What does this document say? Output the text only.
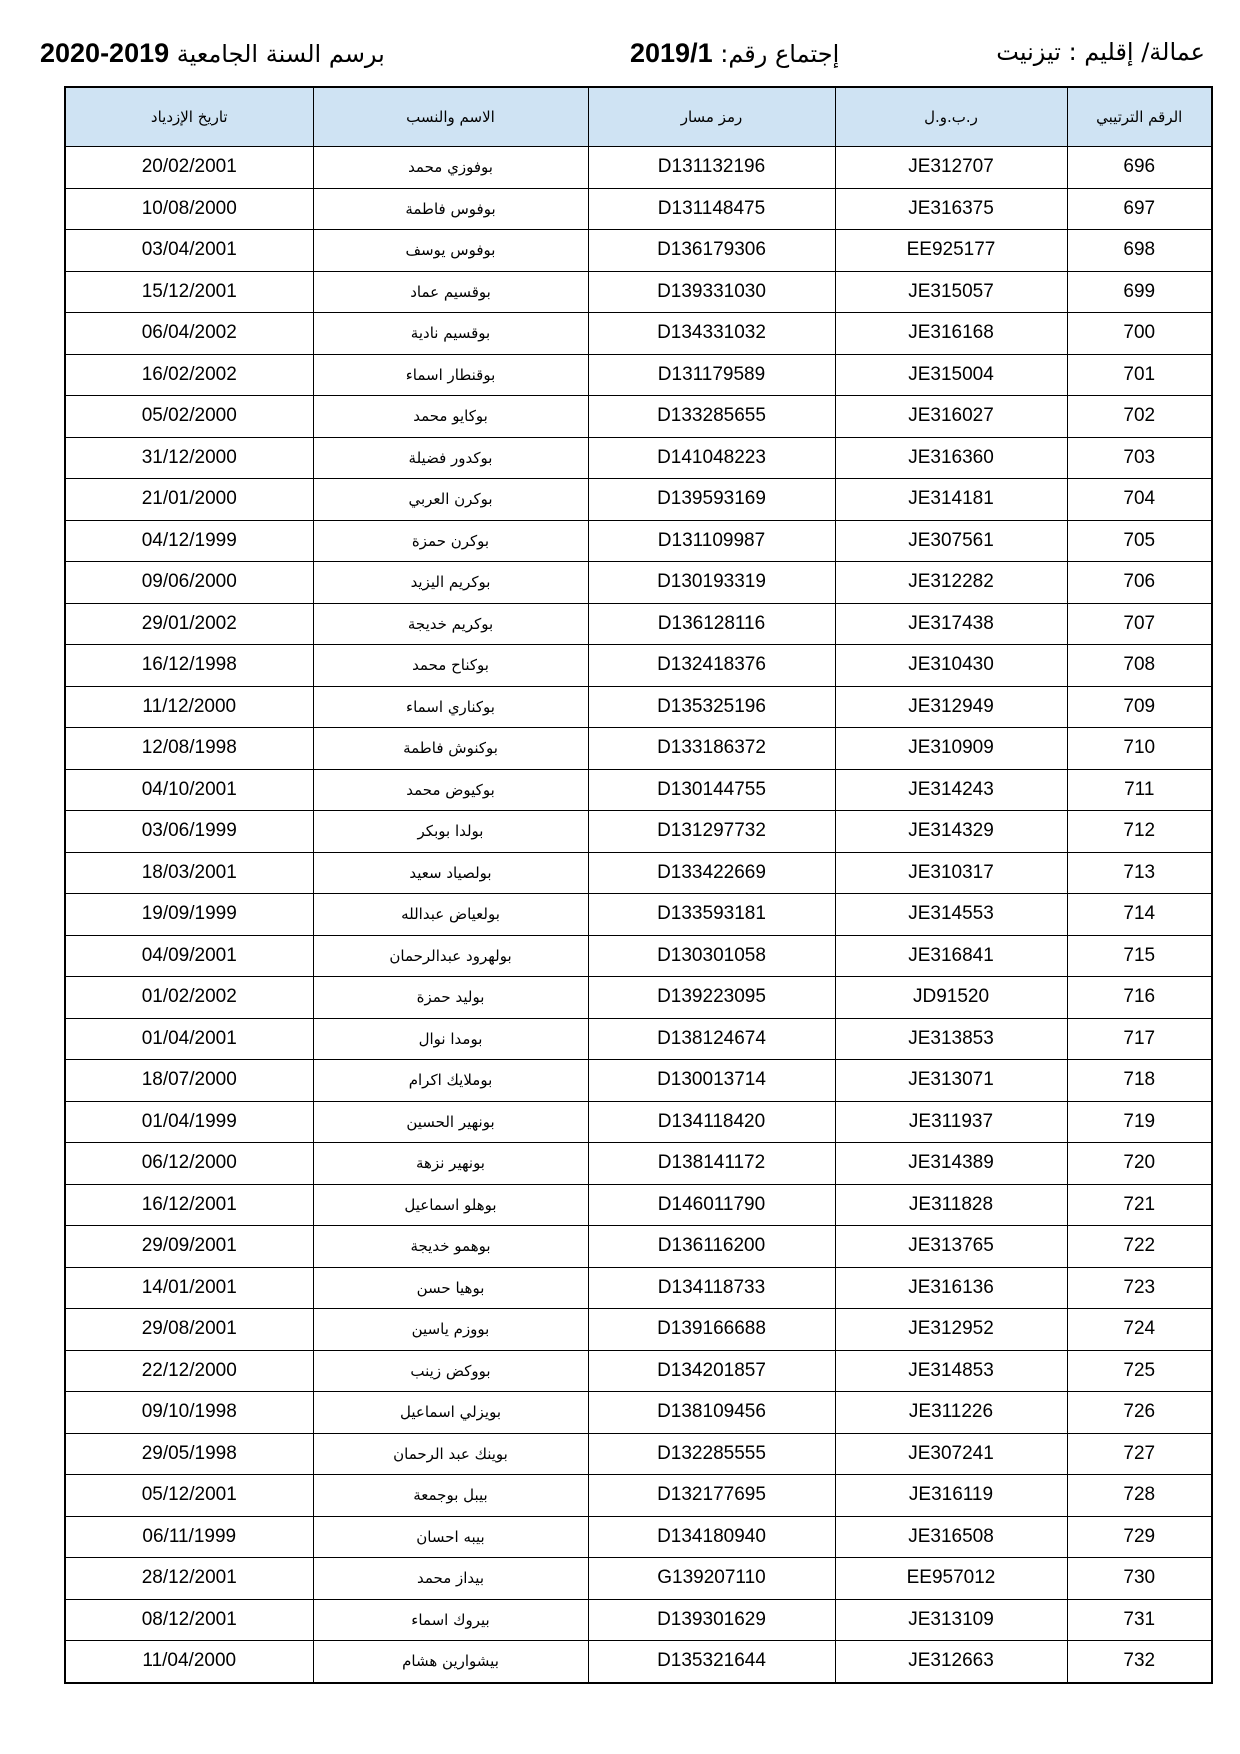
عمالة/ إقليم : تيزنيت
إجتماع رقم: 2019/1
برسم السنة الجامعية 2020-2019
الرقم الترتيبي	ر.ب.و.ل	رمز مسار	الاسم والنسب	تاريخ الإزدياد
696	JE312707	D131132196	بوفوزي محمد	20/02/2001
697	JE316375	D131148475	بوفوس فاطمة	10/08/2000
698	EE925177	D136179306	بوفوس يوسف	03/04/2001
699	JE315057	D139331030	بوقسيم عماد	15/12/2001
700	JE316168	D134331032	بوقسيم نادية	06/04/2002
701	JE315004	D131179589	بوقنطار اسماء	16/02/2002
702	JE316027	D133285655	بوكايو محمد	05/02/2000
703	JE316360	D141048223	بوكدور فضيلة	31/12/2000
704	JE314181	D139593169	بوكرن العربي	21/01/2000
705	JE307561	D131109987	بوكرن حمزة	04/12/1999
706	JE312282	D130193319	بوكريم اليزيد	09/06/2000
707	JE317438	D136128116	بوكريم خديجة	29/01/2002
708	JE310430	D132418376	بوكناح محمد	16/12/1998
709	JE312949	D135325196	بوكناري اسماء	11/12/2000
710	JE310909	D133186372	بوكنوش فاطمة	12/08/1998
711	JE314243	D130144755	بوكيوض محمد	04/10/2001
712	JE314329	D131297732	بولدا بوبكر	03/06/1999
713	JE310317	D133422669	بولصياد سعيد	18/03/2001
714	JE314553	D133593181	بولعياض عبدالله	19/09/1999
715	JE316841	D130301058	بولهرود عبدالرحمان	04/09/2001
716	JD91520	D139223095	بوليد حمزة	01/02/2002
717	JE313853	D138124674	بومدا نوال	01/04/2001
718	JE313071	D130013714	بوملايك اكرام	18/07/2000
719	JE311937	D134118420	بونهير الحسين	01/04/1999
720	JE314389	D138141172	بونهير نزهة	06/12/2000
721	JE311828	D146011790	بوهلو اسماعيل	16/12/2001
722	JE313765	D136116200	بوهمو خديجة	29/09/2001
723	JE316136	D134118733	بوهيا حسن	14/01/2001
724	JE312952	D139166688	بووزم ياسين	29/08/2001
725	JE314853	D134201857	بووكض زينب	22/12/2000
726	JE311226	D138109456	بويزلي اسماعيل	09/10/1998
727	JE307241	D132285555	بوينك عبد الرحمان	29/05/1998
728	JE316119	D132177695	بيبل بوجمعة	05/12/2001
729	JE316508	D134180940	بيبه احسان	06/11/1999
730	EE957012	G139207110	بيداز محمد	28/12/2001
731	JE313109	D139301629	بيروك اسماء	08/12/2001
732	JE312663	D135321644	بيشوارين هشام	11/04/2000
